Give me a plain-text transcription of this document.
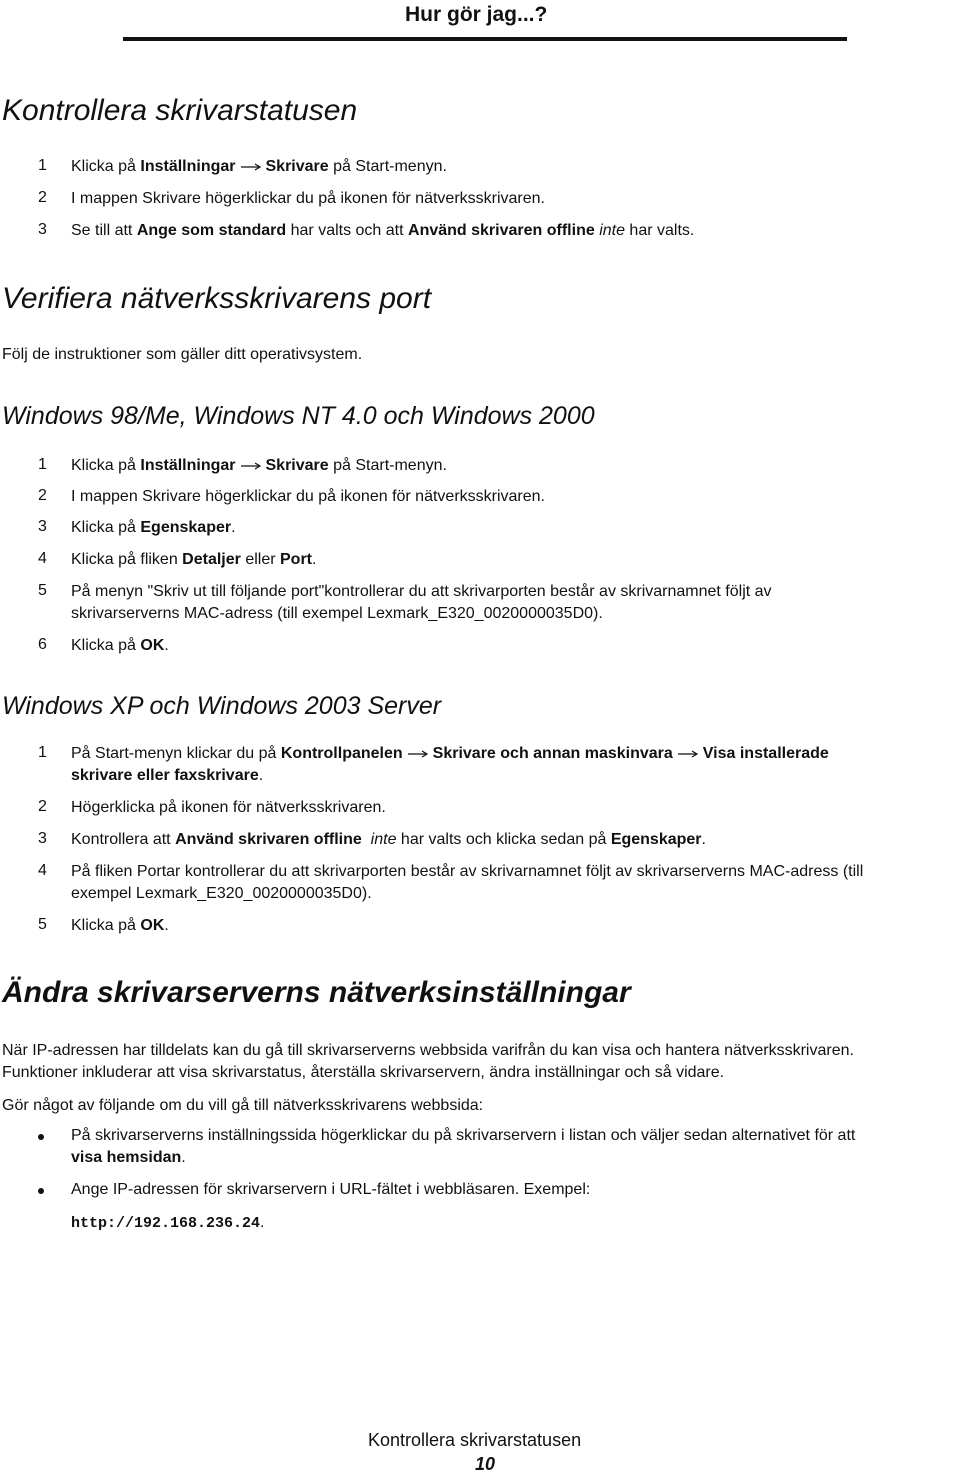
Hur gör jag...?
Kontrollera skrivarstatusen
1	Klicka på Inställningar Skrivare på Start-menyn.
2	I mappen Skrivare högerklickar du på ikonen för nätverksskrivaren.
3	Se till att Ange som standard har valts och att Använd skrivaren offline inte har valts.
Verifiera nätverksskrivarens port
Följ de instruktioner som gäller ditt operativsystem.
Windows 98/Me, Windows NT 4.0 och Windows 2000
1	Klicka på Inställningar Skrivare på Start-menyn.
2	I mappen Skrivare högerklickar du på ikonen för nätverksskrivaren.
3	Klicka på Egenskaper.
4	Klicka på fliken Detaljer eller Port.
5	På menyn "Skriv ut till följande port"kontrollerar du att skrivarporten består av skrivarnamnet följt av
skrivarserverns MAC-adress (till exempel Lexmark_E320_0020000035D0).
6	Klicka på OK.
Windows XP och Windows 2003 Server
1	På Start-menyn klickar du på Kontrollpanelen Skrivare och annan maskinvara Visa installerade
skrivare eller faxskrivare.
2	Högerklicka på ikonen för nätverksskrivaren.
3	Kontrollera att Använd skrivaren offline inte har valts och klicka sedan på Egenskaper.
4	På fliken Portar kontrollerar du att skrivarporten består av skrivarnamnet följt av skrivarserverns MAC-adress (till
exempel Lexmark_E320_0020000035D0).
5	Klicka på OK.
Ändra skrivarserverns nätverksinställningar
När IP-adressen har tilldelats kan du gå till skrivarserverns webbsida varifrån du kan visa och hantera nätverksskrivaren.
Funktioner inkluderar att visa skrivarstatus, återställa skrivarservern, ändra inställningar och så vidare.
Gör något av följande om du vill gå till nätverksskrivarens webbsida:
På skrivarserverns inställningssida högerklickar du på skrivarservern i listan och väljer sedan alternativet för att
visa hemsidan.
Ange IP-adressen för skrivarservern i URL-fältet i webbläsaren. Exempel:
http://192.168.236.24.
Kontrollera skrivarstatusen
10
